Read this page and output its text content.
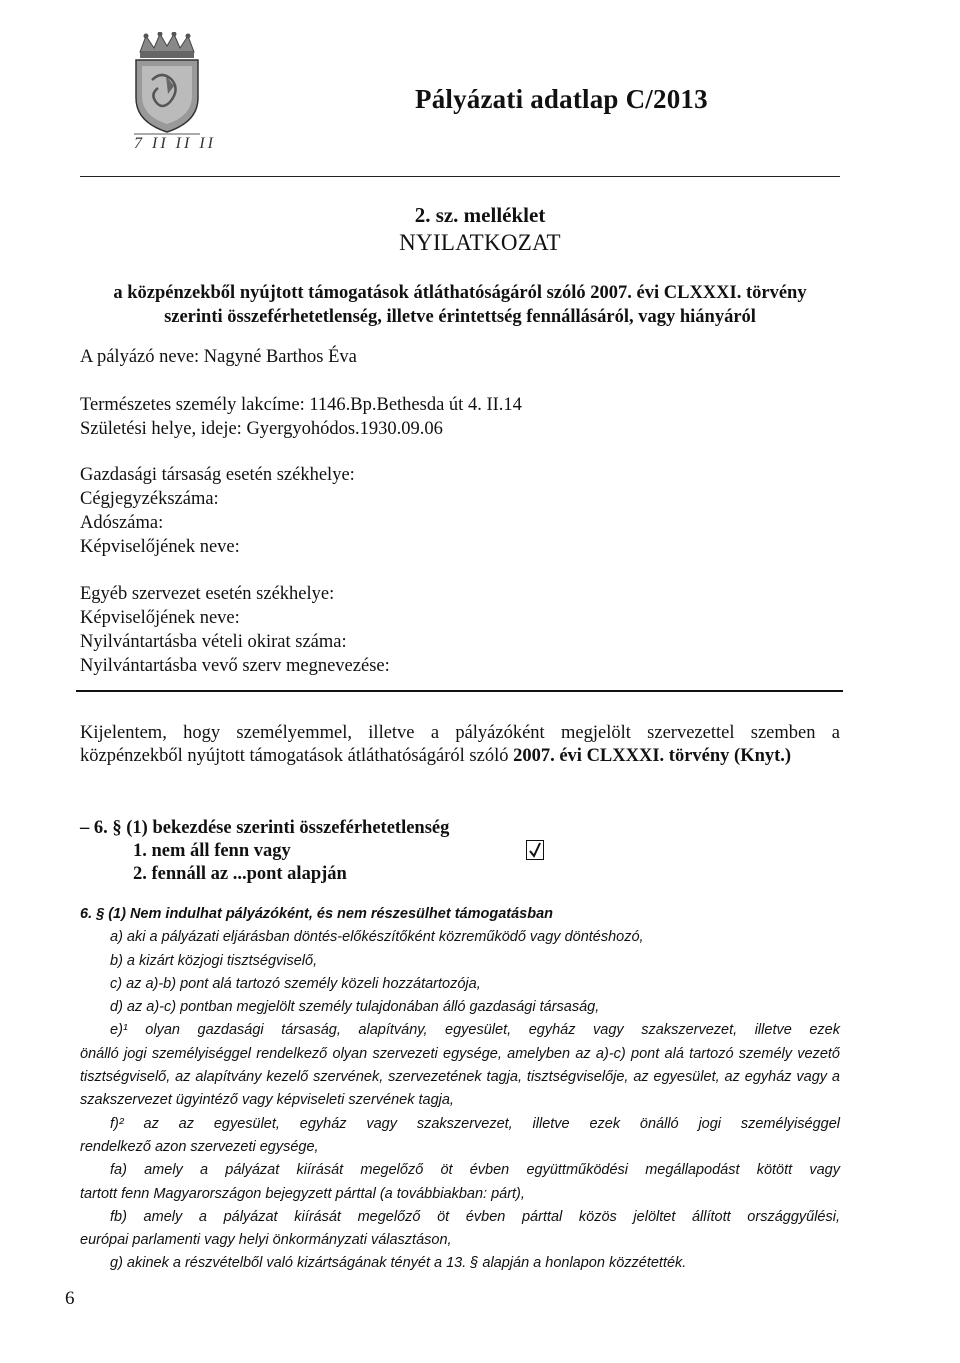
7 II II II
Pályázati adatlap C/2013
2. sz. melléklet
NYILATKOZAT
a közpénzekből nyújtott támogatások átláthatóságáról szóló 2007. évi CLXXXI. törvény
szerinti összeférhetetlenség, illetve érintettség fennállásáról, vagy hiányáról
A pályázó neve: Nagyné Barthos Éva
Természetes személy lakcíme: 1146.Bp.Bethesda út 4. II.14
Születési helye, ideje: Gyergyohódos.1930.09.06
Gazdasági társaság esetén székhelye:
Cégjegyzékszáma:
Adószáma:
Képviselőjének neve:
Egyéb szervezet esetén székhelye:
Képviselőjének neve:
Nyilvántartásba vételi okirat száma:
Nyilvántartásba vevő szerv megnevezése:
Kijelentem, hogy személyemmel, illetve a pályázóként megjelölt szervezettel szemben a közpénzekből nyújtott támogatások átláthatóságáról szóló 2007. évi CLXXXI. törvény (Knyt.)
– 6. § (1) bekezdése szerinti összeférhetetlenség
1. nem áll fenn vagy
2. fennáll az ...pont alapján

6. § (1) Nem indulhat pályázóként, és nem részesülhet támogatásban

a) aki a pályázati eljárásban döntés-előkészítőként közreműködő vagy döntéshozó,

b) a kizárt közjogi tisztségviselő,

c) az a)-b) pont alá tartozó személy közeli hozzátartozója,

d) az a)-c) pontban megjelölt személy tulajdonában álló gazdasági társaság,

e)¹ olyan gazdasági társaság, alapítvány, egyesület, egyház vagy szakszervezet, illetve ezek

önálló jogi személyiséggel rendelkező olyan szervezeti egysége, amelyben az a)-c) pont alá tartozó személy vezető tisztségviselő, az alapítvány kezelő szervének, szervezetének tagja, tisztségviselője, az egyesület, az egyház vagy a szakszervezet ügyintéző vagy képviseleti szervének tagja,

f)² az az egyesület, egyház vagy szakszervezet, illetve ezek önálló jogi személyiséggel

rendelkező azon szervezeti egysége,

fa) amely a pályázat kiírását megelőző öt évben együttműködési megállapodást kötött vagy

tartott fenn Magyarországon bejegyzett párttal (a továbbiakban: párt),

fb) amely a pályázat kiírását megelőző öt évben párttal közös jelöltet állított országgyűlési,

európai parlamenti vagy helyi önkormányzati választáson,

g) akinek a részvételből való kizártságának tényét a 13. § alapján a honlapon közzétették.

6
